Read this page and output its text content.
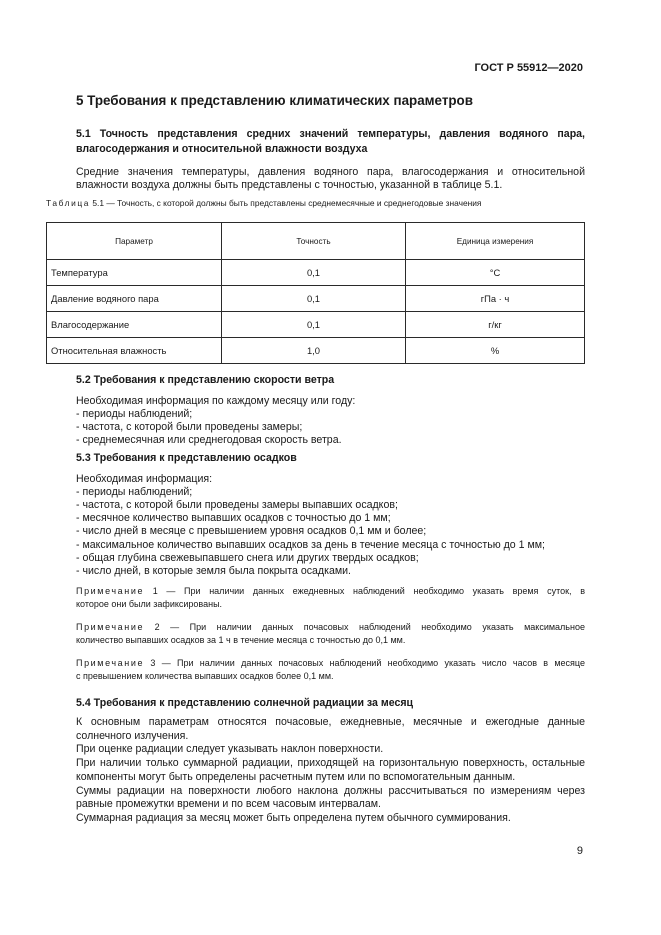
ГОСТ Р 55912—2020
5 Требования к представлению климатических параметров
5.1 Точность представления средних значений температуры, давления водяного пара,
влагосодержания и относительной влажности воздуха
Средние значения температуры, давления водяного пара, влагосодержания и относительной
влажности воздуха должны быть представлены с точностью, указанной в таблице 5.1.
Таблица 5.1 — Точность, с которой должны быть представлены среднемесячные и среднегодовые значения
Параметр	Точность	Единица измерения
Температура	0,1	°С
Давление водяного пара	0,1	гПа · ч
Влагосодержание	0,1	г/кг
Относительная влажность	1,0	%
5.2 Требования к представлению скорости ветра
Необходимая информация по каждому месяцу или году:
- периоды наблюдений;
- частота, с которой были проведены замеры;
- среднемесячная или среднегодовая скорость ветра.
5.3 Требования к представлению осадков
Необходимая информация:
- периоды наблюдений;
- частота, с которой были проведены замеры выпавших осадков;
- месячное количество выпавших осадков с точностью до 1 мм;
- число дней в месяце с превышением уровня осадков 0,1 мм и более;
- максимальное количество выпавших осадков за день в течение месяца с точностью до 1 мм;
- общая глубина свежевыпавшего снега или других твердых осадков;
- число дней, в которые земля была покрыта осадками.
Примечание 1 — При наличии данных ежедневных наблюдений необходимо указать время суток, в
которое они были зафиксированы.
Примечание 2 — При наличии данных почасовых наблюдений необходимо указать максимальное
количество выпавших осадков за 1 ч в течение месяца с точностью до 0,1 мм.
Примечание 3 — При наличии данных почасовых наблюдений необходимо указать число часов в месяце
с превышением количества выпавших осадков более 0,1 мм.
5.4 Требования к представлению солнечной радиации за месяц
К основным параметрам относятся почасовые, ежедневные, месячные и ежегодные данные
солнечного излучения.
При оценке радиации следует указывать наклон поверхности.
При наличии только суммарной радиации, приходящей на горизонтальную поверхность, остальные
компоненты могут быть определены расчетным путем или по вспомогательным данным.
Суммы радиации на поверхности любого наклона должны рассчитываться по измерениям через
равные промежутки времени и по всем часовым интервалам.
Суммарная радиация за месяц может быть определена путем обычного суммирования.
9
